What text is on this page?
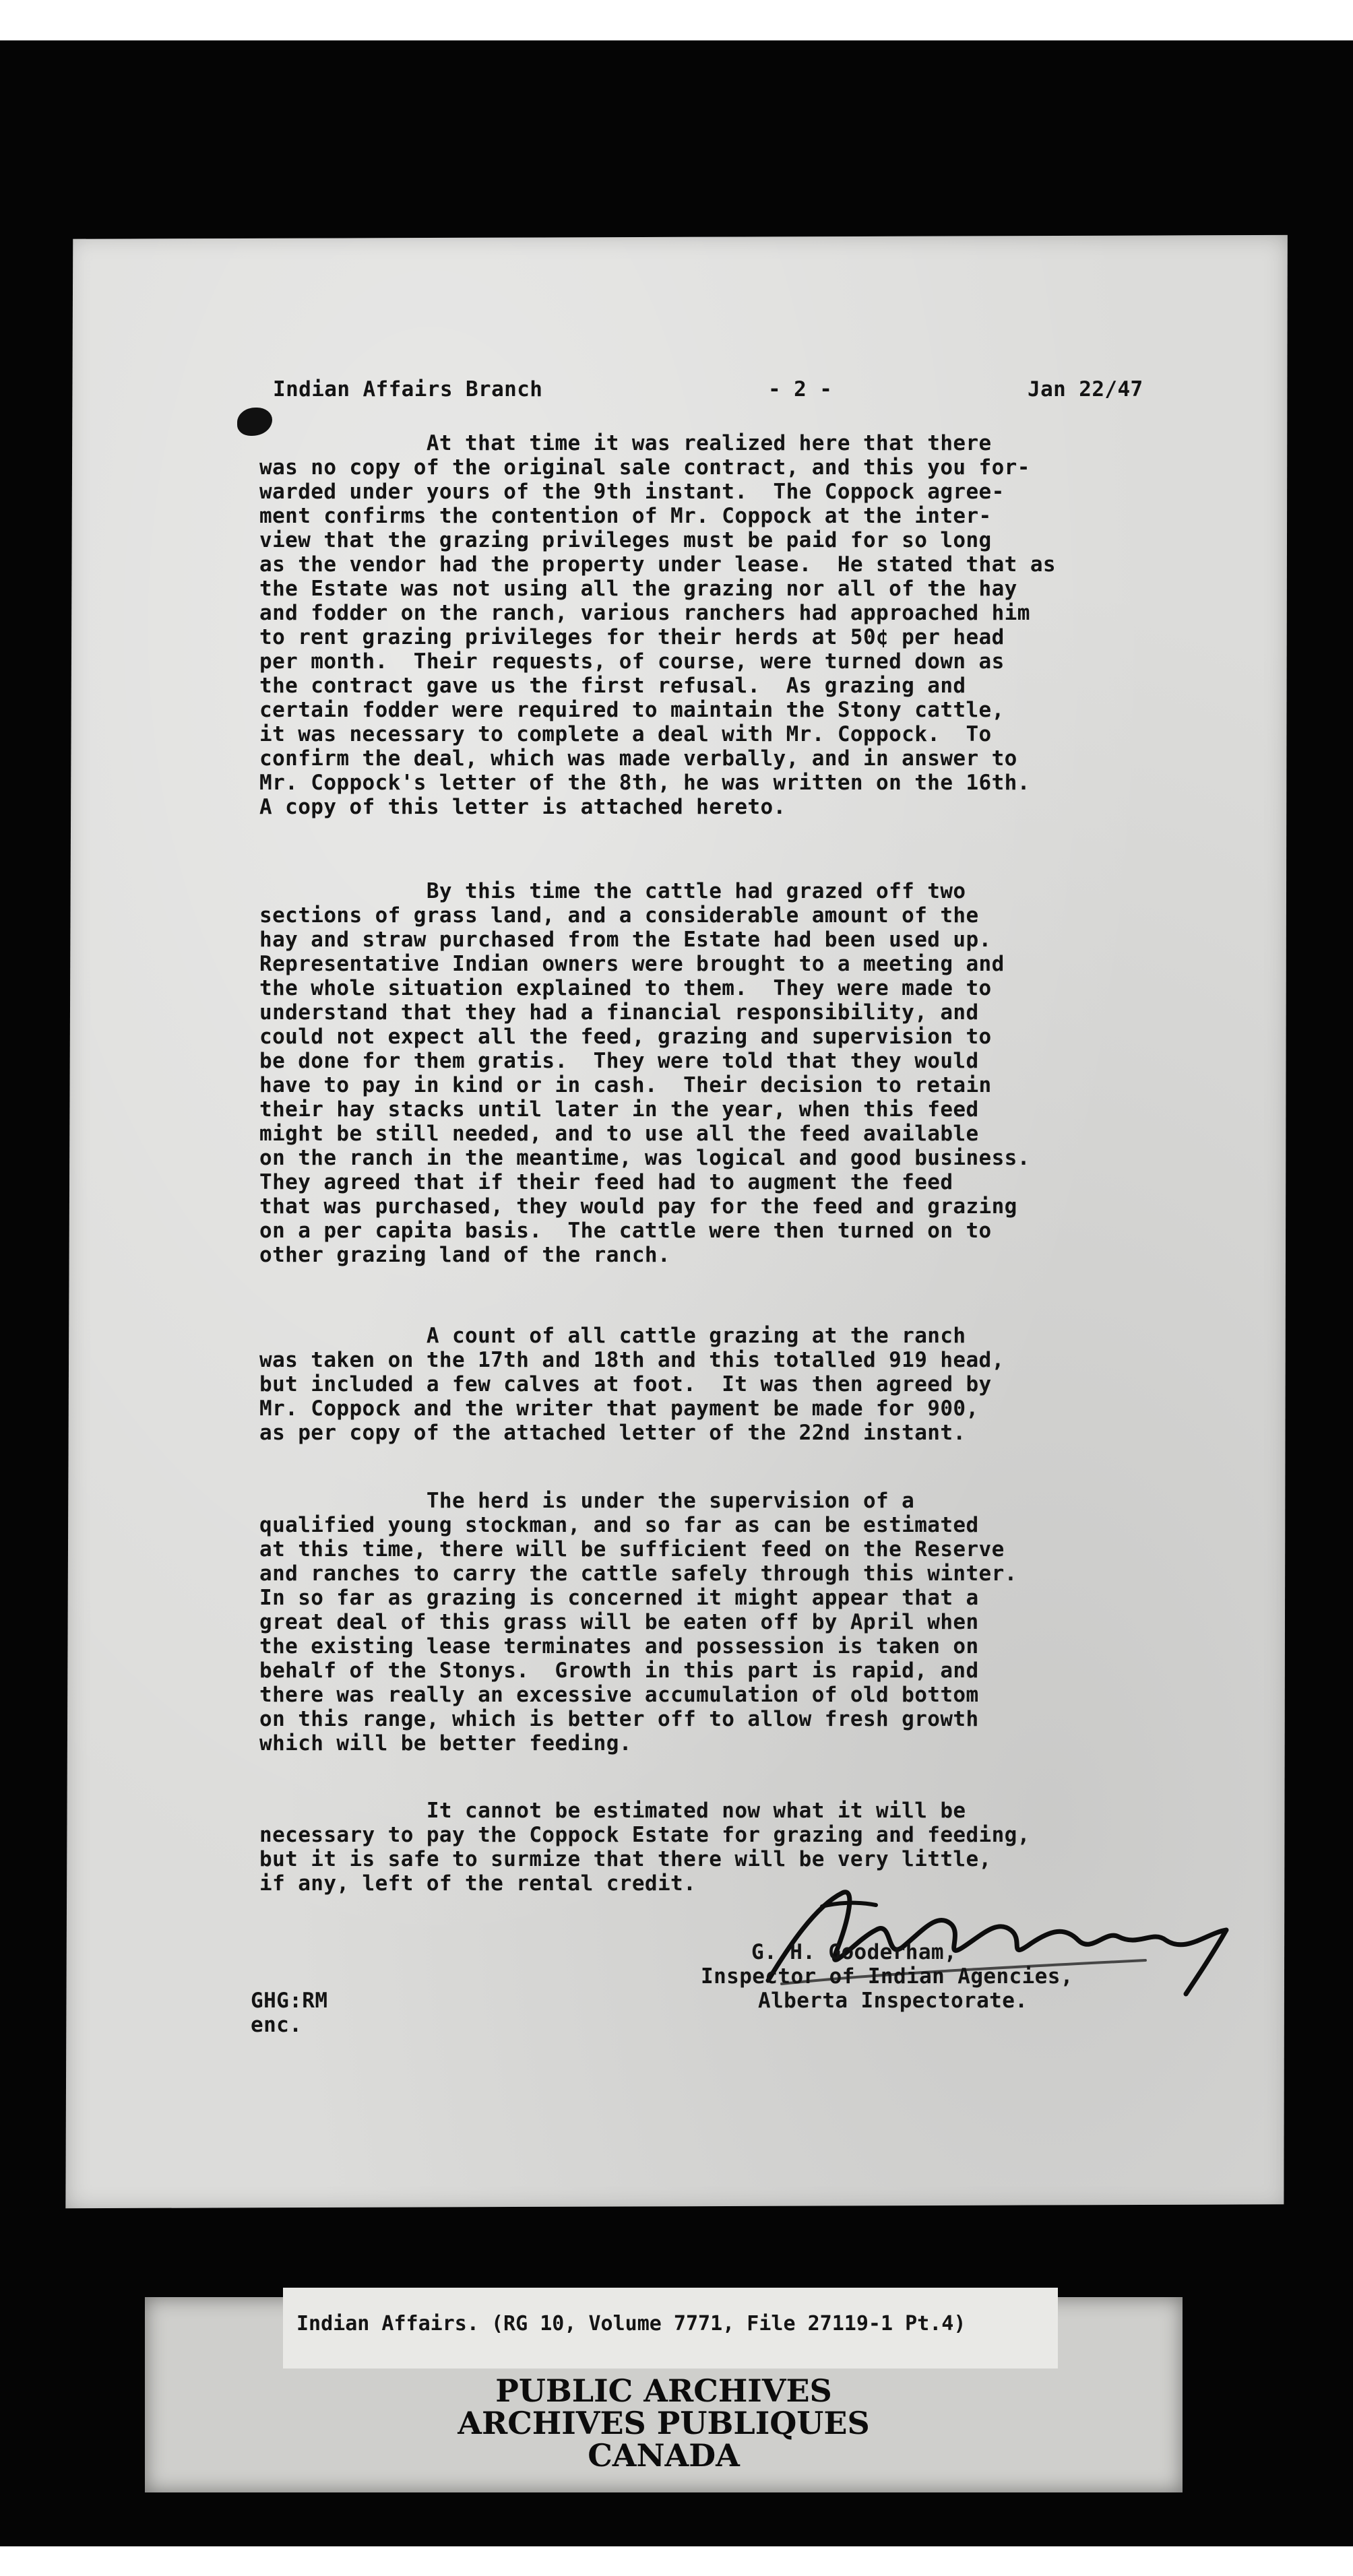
Indian Affairs Branch	- 2 -	Jan 22/47
At that time it was realized here that there
was no copy of the original sale contract, and this you for-
warded under yours of the 9th instant.  The Coppock agree-
ment confirms the contention of Mr. Coppock at the inter-
view that the grazing privileges must be paid for so long
as the vendor had the property under lease.  He stated that as
the Estate was not using all the grazing nor all of the hay
and fodder on the ranch, various ranchers had approached him
to rent grazing privileges for their herds at 50¢ per head
per month.  Their requests, of course, were turned down as
the contract gave us the first refusal.  As grazing and
certain fodder were required to maintain the Stony cattle,
it was necessary to complete a deal with Mr. Coppock.  To
confirm the deal, which was made verbally, and in answer to
Mr. Coppock's letter of the 8th, he was written on the 16th.
A copy of this letter is attached hereto.
By this time the cattle had grazed off two
sections of grass land, and a considerable amount of the
hay and straw purchased from the Estate had been used up.
Representative Indian owners were brought to a meeting and
the whole situation explained to them.  They were made to
understand that they had a financial responsibility, and
could not expect all the feed, grazing and supervision to
be done for them gratis.  They were told that they would
have to pay in kind or in cash.  Their decision to retain
their hay stacks until later in the year, when this feed
might be still needed, and to use all the feed available
on the ranch in the meantime, was logical and good business.
They agreed that if their feed had to augment the feed
that was purchased, they would pay for the feed and grazing
on a per capita basis.  The cattle were then turned on to
other grazing land of the ranch.
A count of all cattle grazing at the ranch
was taken on the 17th and 18th and this totalled 919 head,
but included a few calves at foot.  It was then agreed by
Mr. Coppock and the writer that payment be made for 900,
as per copy of the attached letter of the 22nd instant.
The herd is under the supervision of a
qualified young stockman, and so far as can be estimated
at this time, there will be sufficient feed on the Reserve
and ranches to carry the cattle safely through this winter.
In so far as grazing is concerned it might appear that a
great deal of this grass will be eaten off by April when
the existing lease terminates and possession is taken on
behalf of the Stonys.  Growth in this part is rapid, and
there was really an excessive accumulation of old bottom
on this range, which is better off to allow fresh growth
which will be better feeding.
It cannot be estimated now what it will be
necessary to pay the Coppock Estate for grazing and feeding,
but it is safe to surmize that there will be very little,
if any, left of the rental credit.
G. H. Gooderham,
Inspector of Indian Agencies,
Alberta Inspectorate.
GHG:RM
enc.
Indian Affairs. (RG 10, Volume 7771, File 27119-1 Pt.4)
PUBLIC ARCHIVES
ARCHIVES PUBLIQUES
CANADA
